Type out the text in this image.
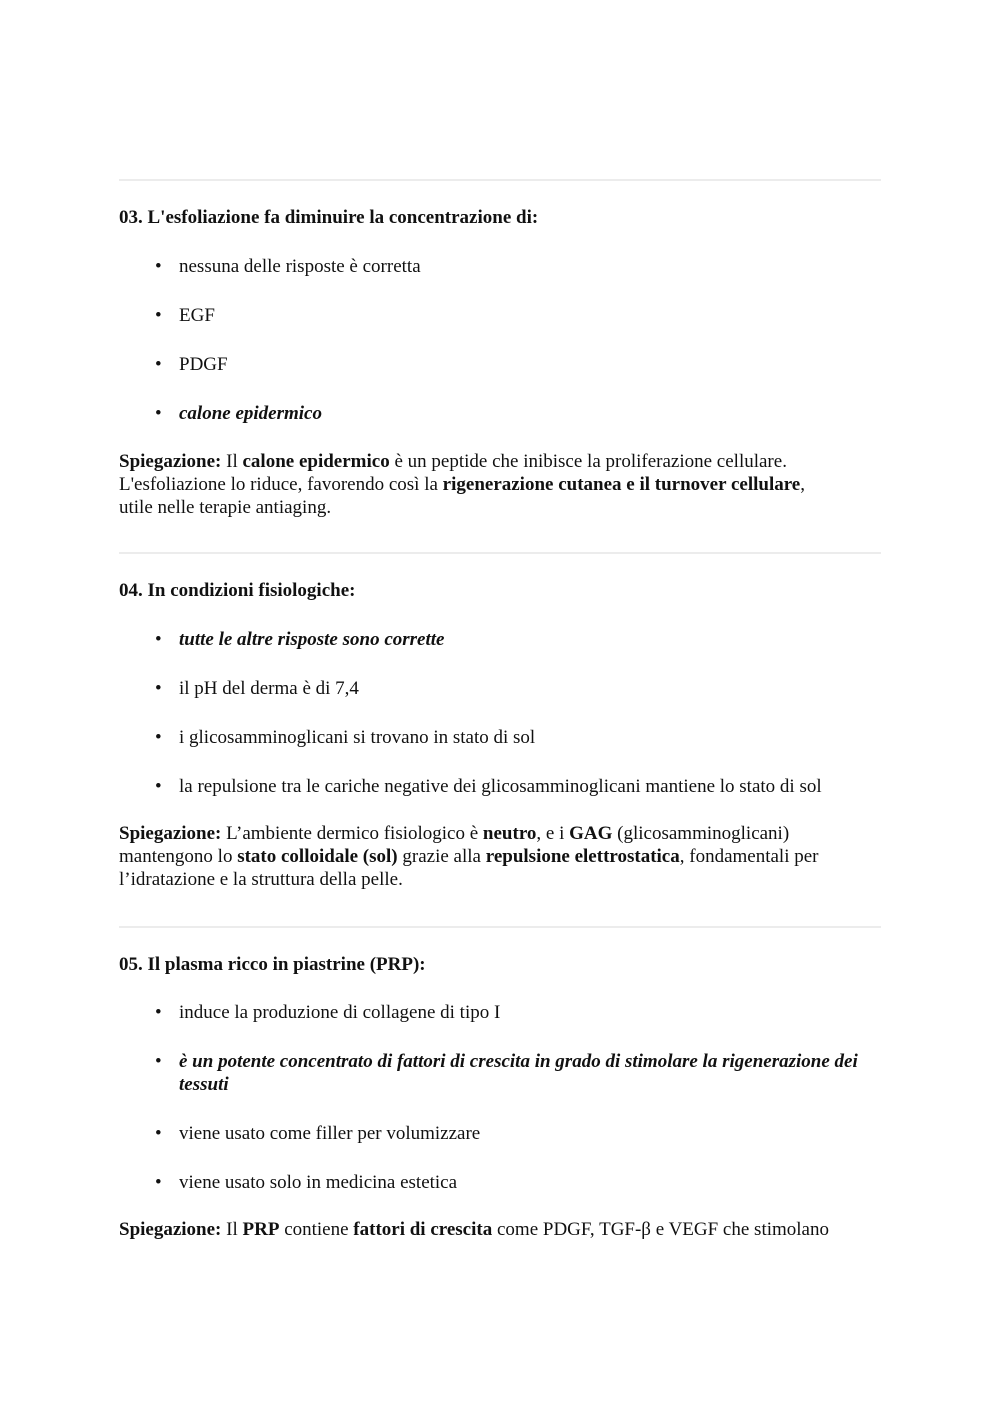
03. L'esfoliazione fa diminuire la concentrazione di:
• nessuna delle risposte è corretta
• EGF
• PDGF
• calone epidermico
Spiegazione: Il calone epidermico è un peptide che inibisce la proliferazione cellulare.
L'esfoliazione lo riduce, favorendo così la rigenerazione cutanea e il turnover cellulare,
utile nelle terapie antiaging.
04. In condizioni fisiologiche:
• tutte le altre risposte sono corrette
• il pH del derma è di 7,4
• i glicosamminoglicani si trovano in stato di sol
• la repulsione tra le cariche negative dei glicosamminoglicani mantiene lo stato di sol
Spiegazione: L’ambiente dermico fisiologico è neutro, e i GAG (glicosamminoglicani)
mantengono lo stato colloidale (sol) grazie alla repulsione elettrostatica, fondamentali per
l’idratazione e la struttura della pelle.
05. Il plasma ricco in piastrine (PRP):
• induce la produzione di collagene di tipo I
• è un potente concentrato di fattori di crescita in grado di stimolare la rigenerazione dei tessuti
• viene usato come filler per volumizzare
• viene usato solo in medicina estetica
Spiegazione: Il PRP contiene fattori di crescita come PDGF, TGF-β e VEGF che stimolano
